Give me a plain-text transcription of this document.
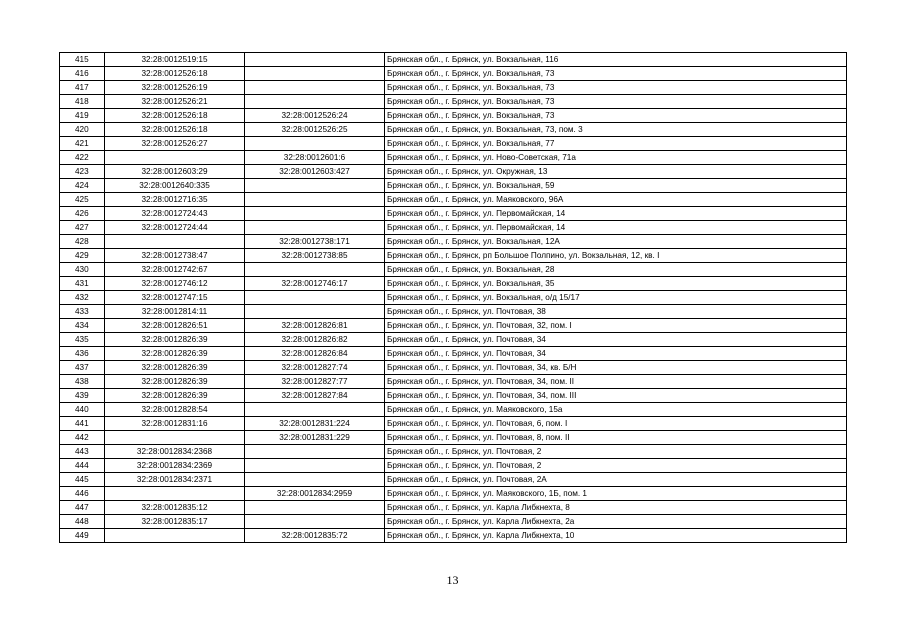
415	32:28:0012519:15		Брянская обл., г. Брянск, ул. Вокзальная, 116
416	32:28:0012526:18		Брянская обл., г. Брянск, ул. Вокзальная, 73
417	32:28:0012526:19		Брянская обл., г. Брянск, ул. Вокзальная, 73
418	32:28:0012526:21		Брянская обл., г. Брянск, ул. Вокзальная, 73
419	32:28:0012526:18	32:28:0012526:24	Брянская обл., г. Брянск, ул. Вокзальная, 73
420	32:28:0012526:18	32:28:0012526:25	Брянская обл., г. Брянск, ул. Вокзальная, 73, пом. 3
421	32:28:0012526:27		Брянская обл., г. Брянск, ул. Вокзальная, 77
422		32:28:0012601:6	Брянская обл., г. Брянск, ул. Ново-Советская, 71а
423	32:28:0012603:29	32:28:0012603:427	Брянская обл., г. Брянск, ул. Окружная, 13
424	32:28:0012640:335		Брянская обл., г. Брянск, ул. Вокзальная, 59
425	32:28:0012716:35		Брянская обл., г. Брянск, ул. Маяковского, 96А
426	32:28:0012724:43		Брянская обл., г. Брянск, ул. Первомайская, 14
427	32:28:0012724:44		Брянская обл., г. Брянск, ул. Первомайская, 14
428		32:28:0012738:171	Брянская обл., г. Брянск, ул. Вокзальная, 12А
429	32:28:0012738:47	32:28:0012738:85	Брянская обл., г. Брянск, рп Большое Полпино, ул. Вокзальная, 12, кв. I
430	32:28:0012742:67		Брянская обл., г. Брянск, ул. Вокзальная, 28
431	32:28:0012746:12	32:28:0012746:17	Брянская обл., г. Брянск, ул. Вокзальная, 35
432	32:28:0012747:15		Брянская обл., г. Брянск, ул. Вокзальная, о/д 15/17
433	32:28:0012814:11		Брянская обл., г. Брянск, ул. Почтовая, 38
434	32:28:0012826:51	32:28:0012826:81	Брянская обл., г. Брянск, ул. Почтовая, 32, пом. I
435	32:28:0012826:39	32:28:0012826:82	Брянская обл., г. Брянск, ул. Почтовая, 34
436	32:28:0012826:39	32:28:0012826:84	Брянская обл., г. Брянск, ул. Почтовая, 34
437	32:28:0012826:39	32:28:0012827:74	Брянская обл., г. Брянск, ул. Почтовая, 34, кв. Б/Н
438	32:28:0012826:39	32:28:0012827:77	Брянская обл., г. Брянск, ул. Почтовая, 34, пом. II
439	32:28:0012826:39	32:28:0012827:84	Брянская обл., г. Брянск, ул. Почтовая, 34, пом. III
440	32:28:0012828:54		Брянская обл., г. Брянск, ул. Маяковского, 15а
441	32:28:0012831:16	32:28:0012831:224	Брянская обл., г. Брянск, ул. Почтовая, 6, пом. I
442		32:28:0012831:229	Брянская обл., г. Брянск, ул. Почтовая, 8, пом. II
443	32:28:0012834:2368		Брянская обл., г. Брянск, ул. Почтовая, 2
444	32:28:0012834:2369		Брянская обл., г. Брянск, ул. Почтовая, 2
445	32:28:0012834:2371		Брянская обл., г. Брянск, ул. Почтовая, 2А
446		32:28:0012834:2959	Брянская обл., г. Брянск, ул. Маяковского, 1Б, пом. 1
447	32:28:0012835:12		Брянская обл., г. Брянск, ул. Карла Либкнехта, 8
448	32:28:0012835:17		Брянская обл., г. Брянск, ул. Карла Либкнехта, 2а
449		32:28:0012835:72	Брянская обл., г. Брянск, ул. Карла Либкнехта, 10
13
